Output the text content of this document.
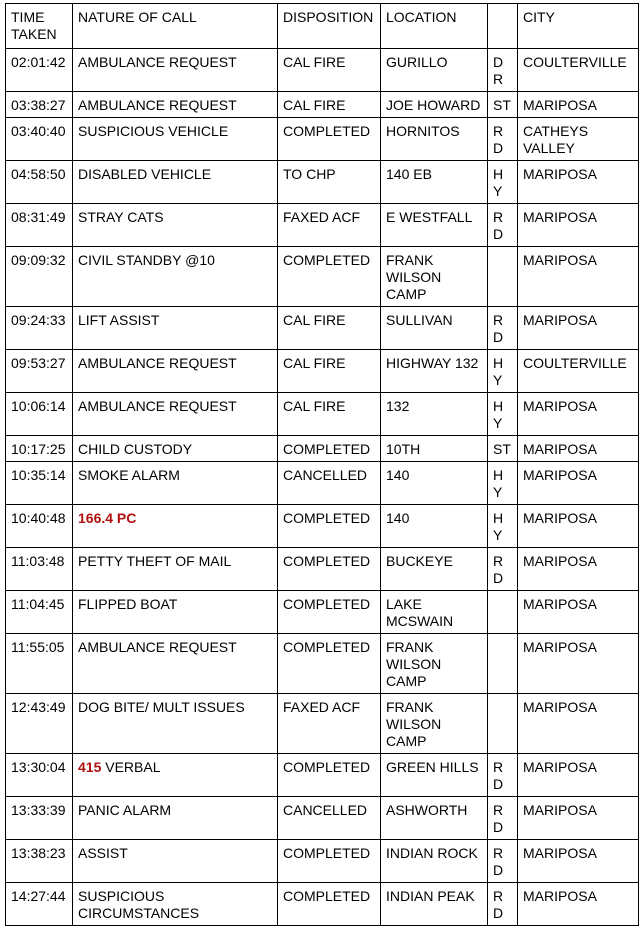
TIME TAKEN	NATURE OF CALL	DISPOSITION	LOCATION		CITY
02:01:42	AMBULANCE REQUEST	CAL FIRE	GURILLO	DR	COULTERVILLE
03:38:27	AMBULANCE REQUEST	CAL FIRE	JOE HOWARD	ST	MARIPOSA
03:40:40	SUSPICIOUS VEHICLE	COMPLETED	HORNITOS	RD	CATHEYS VALLEY
04:58:50	DISABLED VEHICLE	TO CHP	140 EB	HY	MARIPOSA
08:31:49	STRAY CATS	FAXED ACF	E WESTFALL	RD	MARIPOSA
09:09:32	CIVIL STANDBY @10	COMPLETED	FRANK WILSON CAMP		MARIPOSA
09:24:33	LIFT ASSIST	CAL FIRE	SULLIVAN	RD	MARIPOSA
09:53:27	AMBULANCE REQUEST	CAL FIRE	HIGHWAY 132	HY	COULTERVILLE
10:06:14	AMBULANCE REQUEST	CAL FIRE	132	HY	MARIPOSA
10:17:25	CHILD CUSTODY	COMPLETED	10TH	ST	MARIPOSA
10:35:14	SMOKE ALARM	CANCELLED	140	HY	MARIPOSA
10:40:48	166.4 PC	COMPLETED	140	HY	MARIPOSA
11:03:48	PETTY THEFT OF MAIL	COMPLETED	BUCKEYE	RD	MARIPOSA
11:04:45	FLIPPED BOAT	COMPLETED	LAKE MCSWAIN		MARIPOSA
11:55:05	AMBULANCE REQUEST	COMPLETED	FRANK WILSON CAMP		MARIPOSA
12:43:49	DOG BITE/ MULT ISSUES	FAXED ACF	FRANK WILSON CAMP		MARIPOSA
13:30:04	415 VERBAL	COMPLETED	GREEN HILLS	RD	MARIPOSA
13:33:39	PANIC ALARM	CANCELLED	ASHWORTH	RD	MARIPOSA
13:38:23	ASSIST	COMPLETED	INDIAN ROCK	RD	MARIPOSA
14:27:44	SUSPICIOUS CIRCUMSTANCES	COMPLETED	INDIAN PEAK	RD	MARIPOSA
